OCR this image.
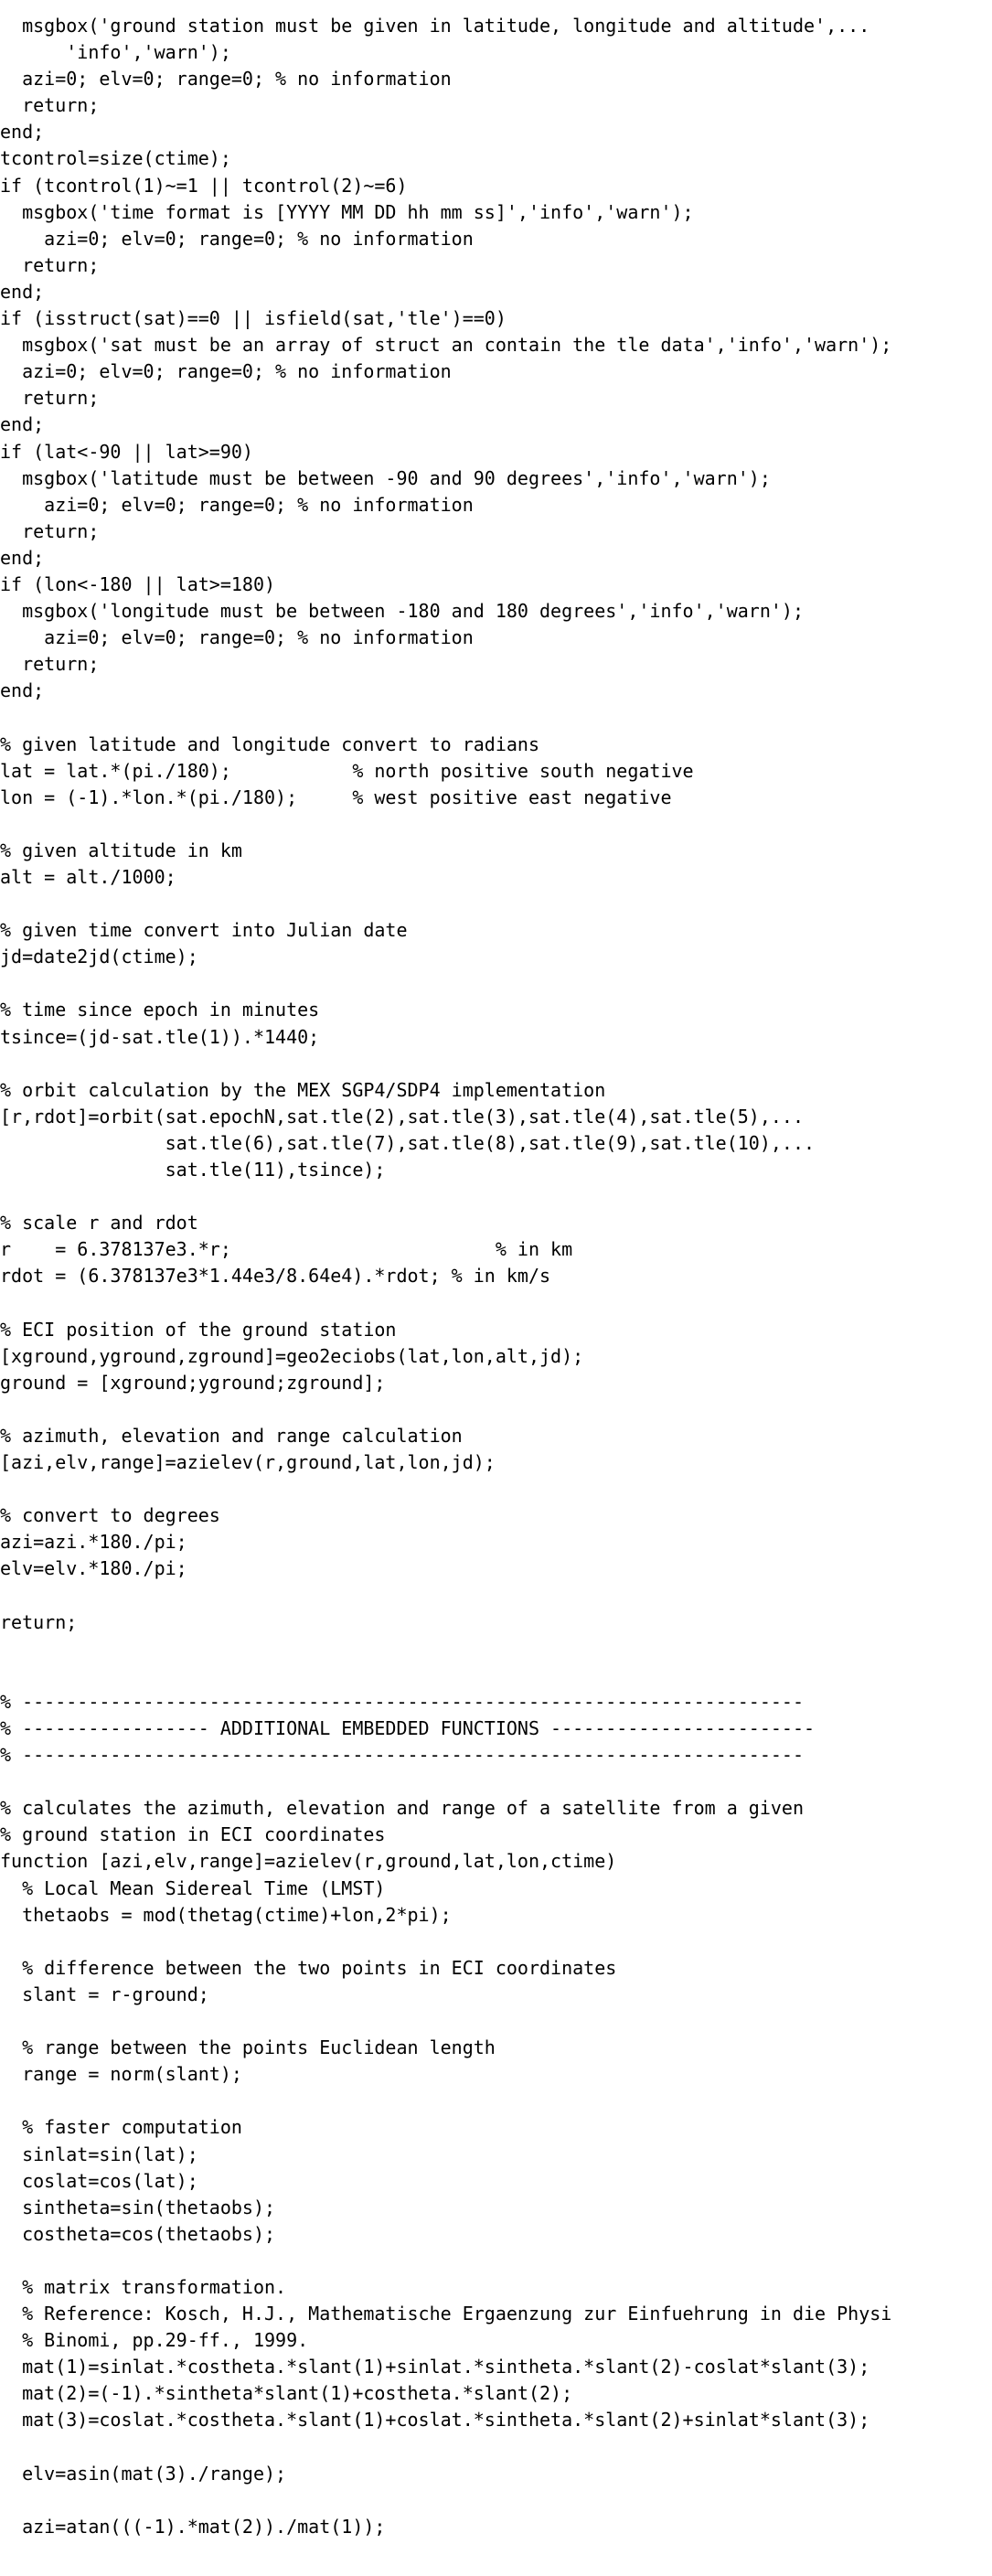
msgbox('ground station must be given in latitude, longitude and altitude',...
'info','warn');
azi=0; elv=0; range=0; % no information
return;
end;
tcontrol=size(ctime);
if (tcontrol(1)~=1 || tcontrol(2)~=6)
msgbox('time format is [YYYY MM DD hh mm ss]','info','warn');
azi=0; elv=0; range=0; % no information
return;
end;
if (isstruct(sat)==0 || isfield(sat,'tle')==0)
msgbox('sat must be an array of struct an contain the tle data','info','warn');
azi=0; elv=0; range=0; % no information
return;
end;
if (lat<-90 || lat>=90)
msgbox('latitude must be between -90 and 90 degrees','info','warn');
azi=0; elv=0; range=0; % no information
return;
end;
if (lon<-180 || lat>=180)
msgbox('longitude must be between -180 and 180 degrees','info','warn');
azi=0; elv=0; range=0; % no information
return;
end;
% given latitude and longitude convert to radians
lat = lat.*(pi./180);           % north positive south negative
lon = (-1).*lon.*(pi./180);     % west positive east negative
% given altitude in km
alt = alt./1000;
% given time convert into Julian date
jd=date2jd(ctime);
% time since epoch in minutes
tsince=(jd-sat.tle(1)).*1440;
% orbit calculation by the MEX SGP4/SDP4 implementation
[r,rdot]=orbit(sat.epochN,sat.tle(2),sat.tle(3),sat.tle(4),sat.tle(5),...
sat.tle(6),sat.tle(7),sat.tle(8),sat.tle(9),sat.tle(10),...
sat.tle(11),tsince);
% scale r and rdot
r    = 6.378137e3.*r;                        % in km
rdot = (6.378137e3*1.44e3/8.64e4).*rdot; % in km/s
% ECI position of the ground station
[xground,yground,zground]=geo2eciobs(lat,lon,alt,jd);
ground = [xground;yground;zground];
% azimuth, elevation and range calculation
[azi,elv,range]=azielev(r,ground,lat,lon,jd);
% convert to degrees
azi=azi.*180./pi;
elv=elv.*180./pi;
return;
% -----------------------------------------------------------------------
% ----------------- ADDITIONAL EMBEDDED FUNCTIONS ------------------------
% -----------------------------------------------------------------------
% calculates the azimuth, elevation and range of a satellite from a given
% ground station in ECI coordinates
function [azi,elv,range]=azielev(r,ground,lat,lon,ctime)
% Local Mean Sidereal Time (LMST)
thetaobs = mod(thetag(ctime)+lon,2*pi);
% difference between the two points in ECI coordinates
slant = r-ground;
% range between the points Euclidean length
range = norm(slant);
% faster computation
sinlat=sin(lat);
coslat=cos(lat);
sintheta=sin(thetaobs);
costheta=cos(thetaobs);
% matrix transformation.
% Reference: Kosch, H.J., Mathematische Ergaenzung zur Einfuehrung in die Physi
% Binomi, pp.29-ff., 1999.
mat(1)=sinlat.*costheta.*slant(1)+sinlat.*sintheta.*slant(2)-coslat*slant(3);
mat(2)=(-1).*sintheta*slant(1)+costheta.*slant(2);
mat(3)=coslat.*costheta.*slant(1)+coslat.*sintheta.*slant(2)+sinlat*slant(3);
elv=asin(mat(3)./range);
azi=atan(((-1).*mat(2))./mat(1));
